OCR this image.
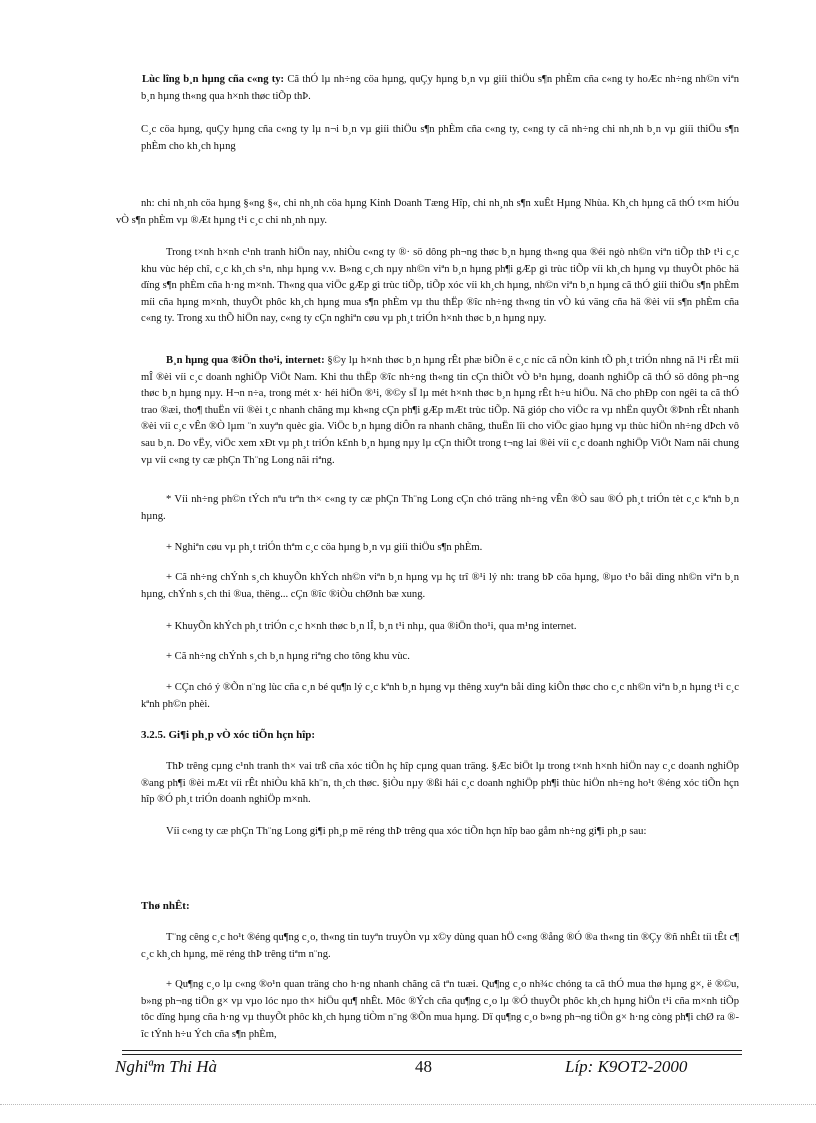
Lùc lîng b¸n hµng cña c«ng ty: Cã thÓ lµ nh÷ng cöa hµng, quÇy hµng b¸n vµ giíi thiÖu s¶n phÈm cña c«ng ty hoÆc nh÷ng nh©n viªn b¸n hµng th«ng qua h×nh thøc tiÕp thÞ.

C¸c cöa hµng, quÇy hµng cña c«ng ty lµ n¬i b¸n vµ giíi thiÖu s¶n phÈm cña c«ng ty, c«ng ty cã nh÷ng chi nh¸nh b¸n vµ giíi thiÖu s¶n phÈm cho kh¸ch hµng

nh: chi nh¸nh cöa hµng §«ng §«, chi nh¸nh cöa hµng Kinh Doanh Tæng Hîp, chi nh¸nh s¶n xuÊt Hµng Nhùa. Kh¸ch hµng cã thÓ t×m hiÓu vÒ s¶n phÈm vµ ®Æt hµng t¹i c¸c chi nh¸nh nµy.

Trong t×nh h×nh c¹nh tranh hiÖn nay, nhiÒu c«ng ty ®· sö dông ph¬ng thøc b¸n hµng th«ng qua ®éi ngò nh©n viªn tiÕp thÞ t¹i c¸c khu vùc hép chî, c¸c kh¸ch s¹n, nhµ hµng v.v. B»ng c¸ch nµy nh©n viªn b¸n hµng ph¶i gÆp gì trùc tiÕp víi kh¸ch hµng vµ thuyÕt phôc hä dïng s¶n phÈm cña h·ng m×nh. Th«ng qua viÖc gÆp gì trùc tiÕp, tiÕp xóc víi kh¸ch hµng, nh©n viªn b¸n hµng cã thÓ giíi thiÖu s¶n phÈm míi cña hµng m×nh, thuyÕt phôc kh¸ch hµng mua s¶n phÈm vµ thu thËp ®îc nh÷ng th«ng tin vÒ kú väng cña hä ®èi víi s¶n phÈm cña c«ng ty. Trong xu thÕ hiÖn nay, c«ng ty cÇn nghiªn cøu vµ ph¸t triÓn h×nh thøc b¸n hµng nµy.

B¸n hµng qua ®iÖn tho¹i, internet: §©y lµ h×nh thøc b¸n hµng rÊt phæ biÕn ë c¸c níc cã nÒn kinh tÕ ph¸t triÓn nhng nã l¹i rÊt míi mÎ ®èi víi c¸c doanh nghiÖp ViÖt Nam. Khi thu thËp ®îc nh÷ng th«ng tin cÇn thiÕt vÒ b¹n hµng, doanh nghiÖp cã thÓ sö dông ph¬ng thøc b¸n hµng nµy. H¬n n÷a, trong mét x· héi hiÖn ®¹i, ®©y sÏ lµ mét h×nh thøc b¸n hµng rÊt h÷u hiÖu. Nã cho phÐp con ngêi ta cã thÓ trao ®æi, tho¶ thuËn víi ®èi t¸c nhanh chãng mµ kh«ng cÇn ph¶i gÆp mÆt trùc tiÕp. Nã gióp cho viÖc ra vµ nhËn quyÕt ®Þnh rÊt nhanh ®èi víi c¸c vÊn ®Ò lµm ¨n xuyªn quèc gia. ViÖc b¸n hµng diÔn ra nhanh chãng, thuËn lîi cho viÖc giao hµng vµ thùc hiÖn nh÷ng dÞch vô sau b¸n. Do vËy, viÖc xem xÐt vµ ph¸t triÓn k£nh b¸n hµng nµy lµ cÇn thiÕt trong t¬ng lai ®èi víi c¸c doanh nghiÖp ViÖt Nam nãi chung vµ víi c«ng ty cæ phÇn Th¨ng Long nãi riªng.

* Víi nh÷ng ph©n tÝch nªu trªn th× c«ng ty cæ phÇn Th¨ng Long cÇn chó träng nh÷ng vÊn ®Ò sau ®Ó ph¸t triÓn tèt c¸c kªnh b¸n hµng.

+ Nghiªn cøu vµ ph¸t triÓn thªm c¸c cöa hµng b¸n vµ giíi thiÖu s¶n phÈm.

+ Cã nh÷ng chÝnh s¸ch khuyÕn khÝch nh©n viªn b¸n hµng vµ hç trî ®¹i lý nh: trang bÞ cöa hµng, ®µo t¹o båi dìng nh©n viªn b¸n hµng, chÝnh s¸ch thi ®ua, thëng... cÇn ®îc ®iÒu chØnh bæ xung.

+ KhuyÕn khÝch ph¸t triÓn c¸c h×nh thøc b¸n lÎ, b¸n t¹i nhµ, qua ®iÖn tho¹i, qua m¹ng internet.

+ Cã nh÷ng chÝnh s¸ch b¸n hµng riªng cho tõng khu vùc.

+ CÇn chó ý ®Õn n¨ng lùc cña c¸n bé qu¶n lý c¸c kªnh b¸n hµng vµ thêng xuyªn båi dìng kiÕn thøc cho c¸c nh©n viªn b¸n hµng t¹i c¸c kªnh ph©n phèi.

3.2.5. Gi¶i ph¸p vÒ xóc tiÕn hçn hîp:

ThÞ trêng cµng c¹nh tranh th× vai trß cña xóc tiÕn hç hîp cµng quan träng. §Æc biÖt lµ trong t×nh h×nh hiÖn nay c¸c doanh nghiÖp ®ang ph¶i ®èi mÆt víi rÊt nhiÒu khã kh¨n, th¸ch thøc. §iÒu nµy ®ßi hái c¸c doanh nghiÖp ph¶i thùc hiÖn nh÷ng ho¹t ®éng xóc tiÕn hçn hîp ®Ó ph¸t triÓn doanh nghiÖp m×nh.

Víi c«ng ty cæ phÇn Th¨ng Long gi¶i ph¸p më réng thÞ trêng qua xóc tiÕn hçn hîp bao gåm nh÷ng gi¶i ph¸p sau:

Thø nhÊt:

T¨ng cêng c¸c ho¹t ®éng qu¶ng c¸o, th«ng tin tuyªn truyÒn vµ x©y dùng quan hÖ c«ng ®ång ®Ó ®a th«ng tin ®Çy ®ñ nhÊt tíi tÊt c¶ c¸c kh¸ch hµng, më réng thÞ trêng tiªm n¨ng.

+ Qu¶ng c¸o lµ c«ng ®o¹n quan träng cho h·ng nhanh chãng cã tªn tuæi. Qu¶ng c¸o nh¾c chóng ta cã thÓ mua thø hµng g×, ë ®©u, b»ng ph¬ng tiÖn g× vµ vµo lóc nµo th× hiÖu qu¶ nhÊt. Môc ®Ých cña qu¶ng c¸o lµ ®Ó thuyÕt phôc kh¸ch hµng hiÖn t¹i cña m×nh tiÕp tôc dïng hµng cña h·ng vµ thuyÕt phôc kh¸ch hµng tiÒm n¨ng ®Õn mua hµng. Dï qu¶ng c¸o b»ng ph¬ng tiÖn g× h·ng còng ph¶i chØ ra ®îc tÝnh h÷u Ých cña s¶n phÈm,

Nghiªm Thi Hà	48	Líp: K9OT2-2000
